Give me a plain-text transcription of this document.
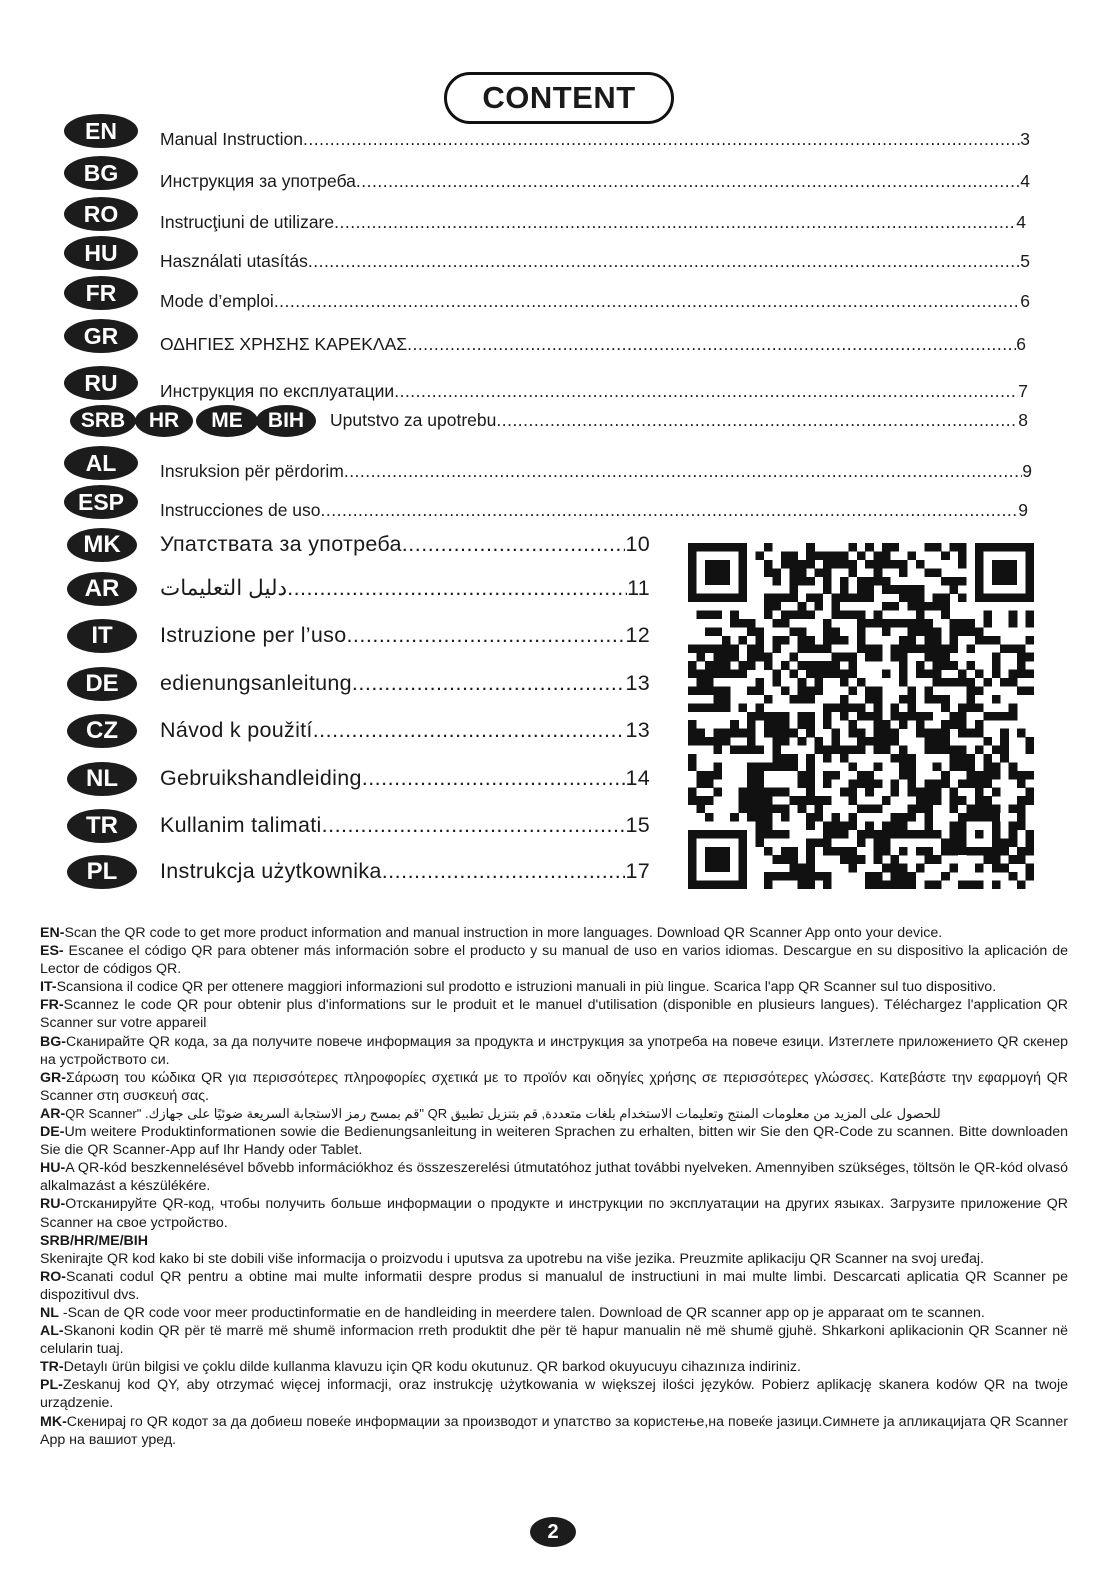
CONTENT
EN	Manual Instruction .....	3
BG	Инструкция за употреба .....	4
RO	Instrucţiuni de utilizare .....	4
HU	Használati utasítás .....	5
FR	Mode d’emploi .....	6
GR	ΟΔΗΓΙΕΣ ΧΡΗΣΗΣ ΚΑΡΕΚΛΑΣ .....	6
RU	Инструкция по експлуатации .....	7
SRB	HR	ME	BIH	Uputstvo za upotrebu .....	8
AL	Insruksion për përdorim .....	9
ESP	Instrucciones de uso .....	9
MK	Упатствата за употреба .....	10
AR	دليل التعليمات .....	11
IT	Istruzione per l’uso .....	12
DE	edienungsanleitung .....	13
CZ	Návod k použití .....	13
NL	Gebruikshandleiding .....	14
TR	Kullanim talimati .....	15
PL	Instrukcja użytkownika .....	17

EN-Scan the QR code to get more product information and manual instruction in more languages. Download QR Scanner App onto your device.

ES- Escanee el código QR para obtener más información sobre el producto y su manual de uso en varios idiomas. Descargue en su dispositivo la aplicación de Lector de códigos QR.

IT-Scansiona il codice QR per ottenere maggiori informazioni sul prodotto e istruzioni manuali in più lingue. Scarica l'app QR Scanner sul tuo dispositivo.

FR-Scannez le code QR pour obtenir plus d'informations sur le produit et le manuel d'utilisation (disponible en plusieurs langues). Téléchargez l'application QR Scanner sur votre appareil

BG-Сканирайте QR кода, за да получите повече информация за продукта и инструкция за употреба на повече езици. Изтеглете приложението QR скенер на устройството си.

GR-Σάρωση του κώδικα QR για περισσότερες πληροφορίες σχετικά με το προϊόν και οδηγίες χρήσης σε περισσότερες γλώσσες. Κατεβάστε την εφαρμογή QR Scanner στη συσκευή σας.

AR-للحصول على المزيد من معلومات المنتج وتعليمات الاستخدام بلغات متعددة, قم بتنزيل تطبيق QR "قم بمسح رمز الاستجابة السريعة ضوئيًا على جهازك. "QR Scanner

DE-Um weitere Produktinformationen sowie die Bedienungsanleitung in weiteren Sprachen zu erhalten, bitten wir Sie den QR-Code zu scannen. Bitte downloaden Sie die QR Scanner-App auf Ihr Handy oder Tablet.

HU-A QR-kód beszkennelésével bővebb információkhoz és összeszerelési útmutatóhoz juthat további nyelveken. Amennyiben szükséges, töltsön le QR-kód olvasó alkalmazást a készülékére.

RU-Отсканируйте QR-код, чтобы получить больше информации о продукте и инструкции по эксплуатации на других языках. Загрузите приложение QR Scanner на свое устройство.

SRB/HR/ME/BIH
Skenirajte QR kod kako bi ste dobili više informacija o proizvodu i uputsva za upotrebu na više jezika. Preuzmite aplikaciju QR Scanner na svoj uređaj.

RO-Scanati codul QR pentru a obtine mai multe informatii despre produs si manualul de instructiuni in mai multe limbi. Descarcati aplicatia QR Scanner pe dispozitivul dvs.

NL -Scan de QR code voor meer productinformatie en de handleiding in meerdere talen. Download de QR scanner app op je apparaat om te scannen.

AL-Skanoni kodin QR për të marrë më shumë informacion rreth produktit dhe për të hapur manualin në më shumë gjuhë. Shkarkoni aplikacionin QR Scanner në celularin tuaj.

TR-Detaylı ürün bilgisi ve çoklu dilde kullanma klavuzu için QR kodu okutunuz. QR barkod okuyucuyu cihazınıza indiriniz.

PL-Zeskanuj kod QY, aby otrzymać więcej informacji, oraz instrukcję użytkowania w większej ilości języków. Pobierz aplikację skanera kodów QR na twoje urządzenie.

MK-Скенирај го QR кодот за да добиеш повеќе информации за производот и упатство за користење,на повеќе јазици.Симнете ја апликацијата QR Scanner App на вашиот уред.

2
